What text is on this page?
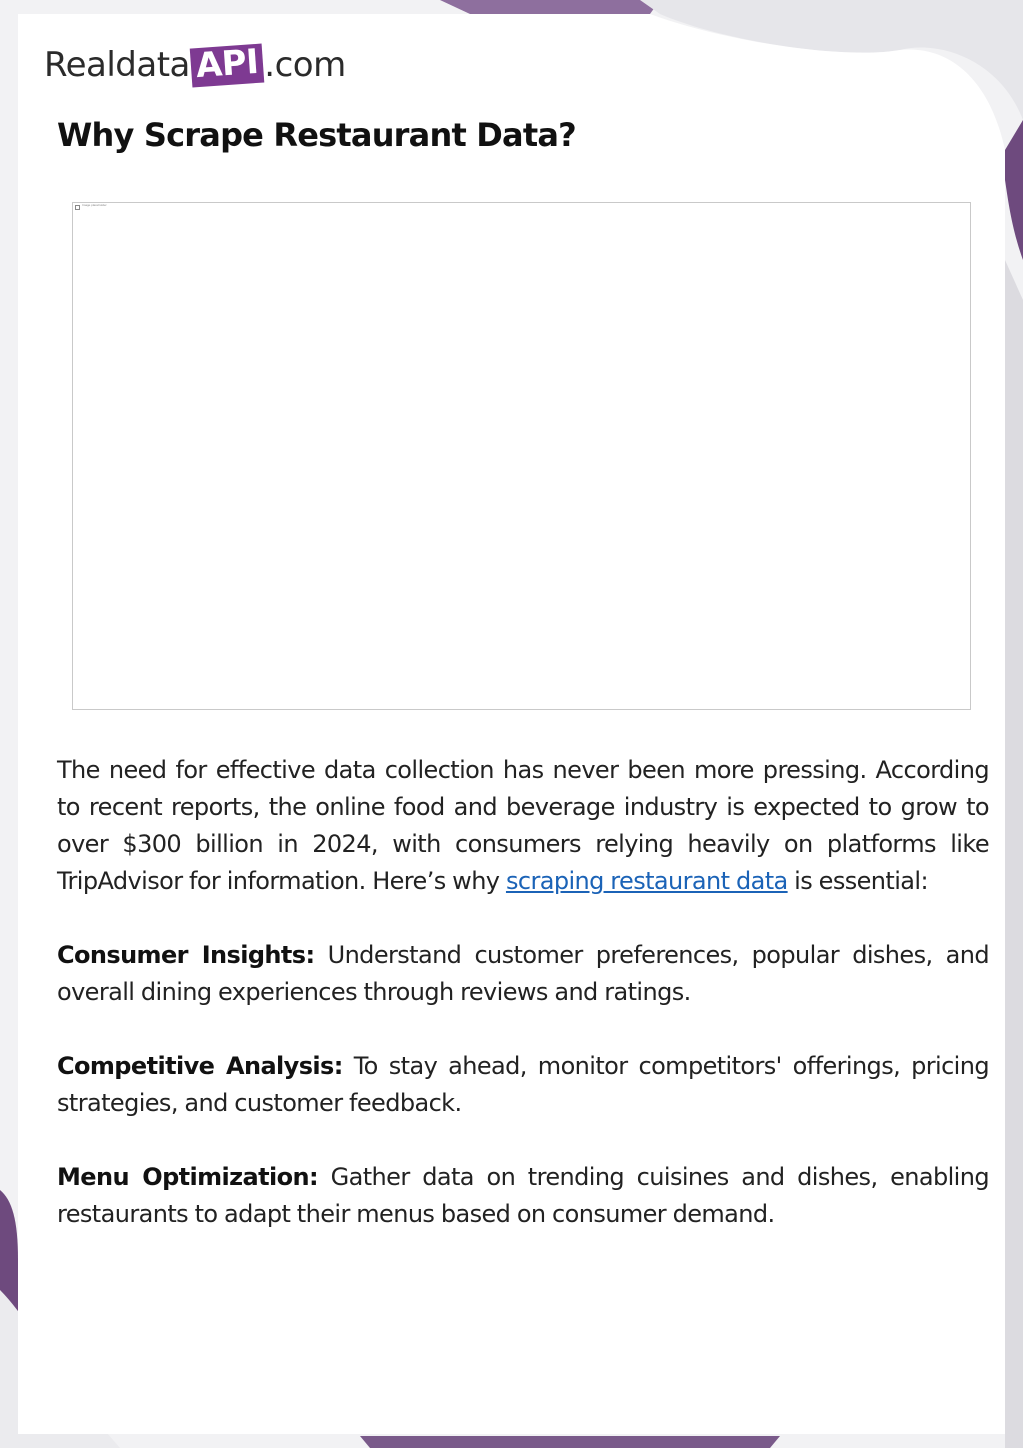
Realdata API .com
Why Scrape Restaurant Data?
Image placeholder

The need for effective data collection has never been more pressing. According to recent reports, the online food and beverage industry is expected to grow to over $300 billion in 2024, with consumers relying heavily on platforms like TripAdvisor for information. Here’s why scraping restaurant data is essential:

Consumer Insights: Understand customer preferences, popular dishes, and overall dining experiences through reviews and ratings.

Competitive Analysis: To stay ahead, monitor competitors' offerings, pricing strategies, and customer feedback.

Menu Optimization: Gather data on trending cuisines and dishes, enabling restaurants to adapt their menus based on consumer demand.
